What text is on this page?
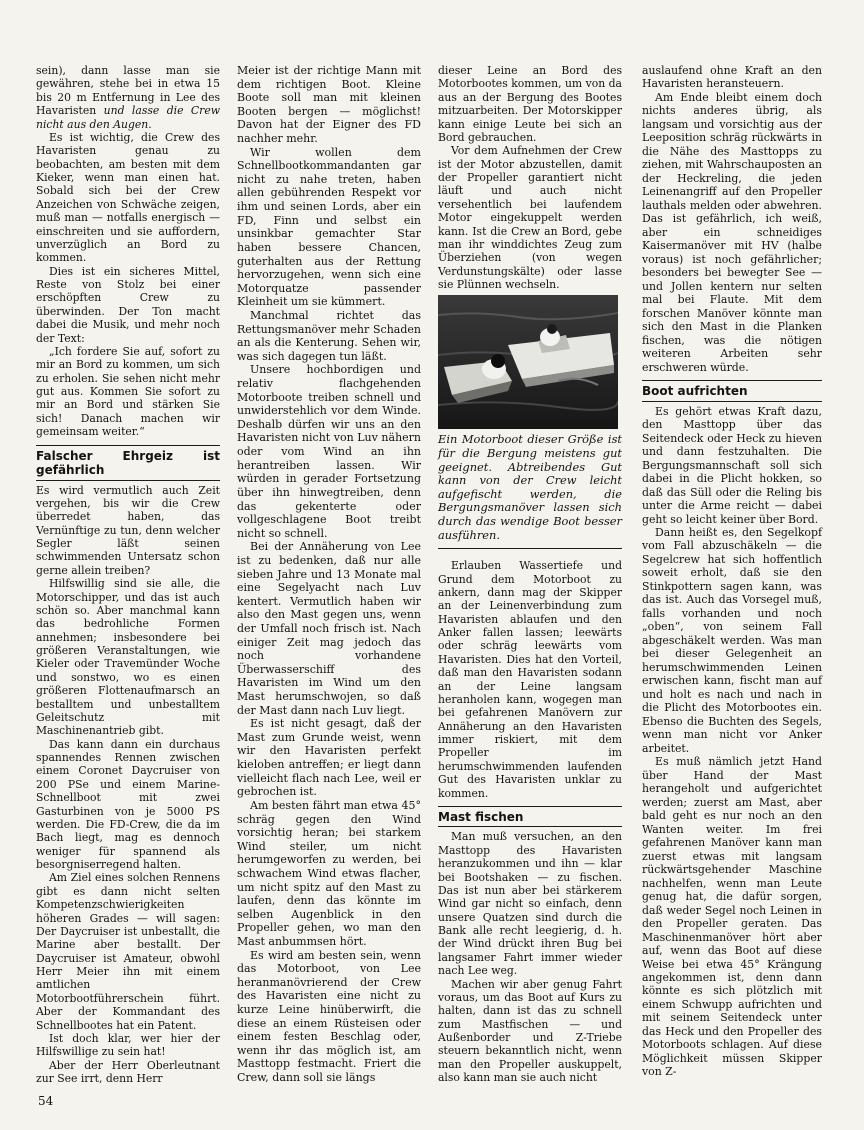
sein), dann lasse man sie gewähren, stehe bei in etwa 15 bis 20 m Entfernung in Lee des Havaristen und lasse die Crew nicht aus den Augen.

Es ist wichtig, die Crew des Havaristen genau zu beobachten, am besten mit dem Kieker, wenn man einen hat. Sobald sich bei der Crew Anzeichen von Schwäche zeigen, muß man — notfalls energisch — einschreiten und sie auffordern, unverzüglich an Bord zu kommen.

Dies ist ein sicheres Mittel, Reste von Stolz bei einer erschöpften Crew zu überwinden. Der Ton macht dabei die Musik, und mehr noch der Text:

„Ich fordere Sie auf, sofort zu mir an Bord zu kommen, um sich zu erholen. Sie sehen nicht mehr gut aus. Kommen Sie sofort zu mir an Bord und stärken Sie sich! Danach machen wir gemeinsam weiter.“

Falscher Ehrgeiz ist gefährlich

Es wird vermutlich auch Zeit vergehen, bis wir die Crew überredet haben, das Vernünftige zu tun, denn welcher Segler läßt seinen schwimmenden Untersatz schon gerne allein treiben?

Hilfswillig sind sie alle, die Motorschipper, und das ist auch schön so. Aber manchmal kann das bedrohliche Formen annehmen; insbesondere bei größeren Veranstaltungen, wie Kieler oder Travemünder Woche und sonstwo, wo es einen größeren Flottenaufmarsch an bestalltem und unbestalltem Geleitschutz mit Maschinenantrieb gibt.

Das kann dann ein durchaus spannendes Rennen zwischen einem Coronet Daycruiser von 200 PSe und einem Marine-Schnellboot mit zwei Gasturbinen von je 5000 PS werden. Die FD-Crew, die da im Bach liegt, mag es dennoch weniger für spannend als besorgniserregend halten.

Am Ziel eines solchen Rennens gibt es dann nicht selten Kompetenzschwierigkeiten höheren Grades — will sagen: Der Daycruiser ist unbestallt, die Marine aber bestallt. Der Daycruiser ist Amateur, obwohl Herr Meier ihn mit einem amtlichen Motorbootführerschein führt. Aber der Kommandant des Schnellbootes hat ein Patent.

Ist doch klar, wer hier der Hilfswillige zu sein hat!

Aber der Herr Oberleutnant zur See irrt, denn Herr

Meier ist der richtige Mann mit dem richtigen Boot. Kleine Boote soll man mit kleinen Booten bergen — möglichst! Davon hat der Eigner des FD nachher mehr.

Wir wollen dem Schnellbootkommandanten gar nicht zu nahe treten, haben allen gebührenden Respekt vor ihm und seinen Lords, aber ein FD, Finn und selbst ein unsinkbar gemachter Star haben bessere Chancen, guterhalten aus der Rettung hervorzugehen, wenn sich eine Motorquatze passender Kleinheit um sie kümmert.

Manchmal richtet das Rettungsmanöver mehr Schaden an als die Kenterung. Sehen wir, was sich dagegen tun läßt.

Unsere hochbordigen und relativ flachgehenden Motorboote treiben schnell und unwiderstehlich vor dem Winde. Deshalb dürfen wir uns an den Havaristen nicht von Luv nähern oder vom Wind an ihn herantreiben lassen. Wir würden in gerader Fortsetzung über ihn hinwegtreiben, denn das gekenterte oder vollgeschlagene Boot treibt nicht so schnell.

Bei der Annäherung von Lee ist zu bedenken, daß nur alle sieben Jahre und 13 Monate mal eine Segelyacht nach Luv kentert. Vermutlich haben wir also den Mast gegen uns, wenn der Umfall noch frisch ist. Nach einiger Zeit mag jedoch das noch vorhandene Überwasserschiff des Havaristen im Wind um den Mast herumschwojen, so daß der Mast dann nach Luv liegt.

Es ist nicht gesagt, daß der Mast zum Grunde weist, wenn wir den Havaristen perfekt kieloben antreffen; er liegt dann vielleicht flach nach Lee, weil er gebrochen ist.

Am besten fährt man etwa 45° schräg gegen den Wind vorsichtig heran; bei starkem Wind steiler, um nicht herumgeworfen zu werden, bei schwachem Wind etwas flacher, um nicht spitz auf den Mast zu laufen, denn das könnte im selben Augenblick in den Propeller gehen, wo man den Mast anbummsen hört.

Es wird am besten sein, wenn das Motorboot, von Lee heranmanövrierend der Crew des Havaristen eine nicht zu kurze Leine hinüberwirft, die diese an einem Rüsteisen oder einem festen Beschlag oder, wenn ihr das möglich ist, am Masttopp festmacht. Friert die Crew, dann soll sie längs

dieser Leine an Bord des Motorbootes kommen, um von da aus an der Bergung des Bootes mitzuarbeiten. Der Motorskipper kann einige Leute bei sich an Bord gebrauchen.

Vor dem Aufnehmen der Crew ist der Motor abzustellen, damit der Propeller garantiert nicht läuft und auch nicht versehentlich bei laufendem Motor eingekuppelt werden kann. Ist die Crew an Bord, gebe man ihr winddichtes Zeug zum Überziehen (von wegen Verdunstungskälte) oder lasse sie Plünnen wechseln.

Ein Motorboot dieser Größe ist für die Bergung meistens gut geeignet. Abtreibendes Gut kann von der Crew leicht aufgefischt werden, die Bergungsmanöver lassen sich durch das wendige Boot besser ausführen.

Erlauben Wassertiefe und Grund dem Motorboot zu ankern, dann mag der Skipper an der Leinenverbindung zum Havaristen ablaufen und den Anker fallen lassen; leewärts oder schräg leewärts vom Havaristen. Dies hat den Vorteil, daß man den Havaristen sodann an der Leine langsam heranholen kann, wogegen man bei gefahrenen Manövern zur Annäherung an den Havaristen immer riskiert, mit dem Propeller im herumschwimmenden laufenden Gut des Havaristen unklar zu kommen.

Mast fischen

Man muß versuchen, an den Masttopp des Havaristen heranzukommen und ihn — klar bei Bootshaken — zu fischen. Das ist nun aber bei stärkerem Wind gar nicht so einfach, denn unsere Quatzen sind durch die Bank alle recht leegierig, d. h. der Wind drückt ihren Bug bei langsamer Fahrt immer wieder nach Lee weg.

Machen wir aber genug Fahrt voraus, um das Boot auf Kurs zu halten, dann ist das zu schnell zum Mastfischen — und Außenborder und Z-Triebe steuern bekanntlich nicht, wenn man den Propeller auskuppelt, also kann man sie auch nicht

auslaufend ohne Kraft an den Havaristen heransteuern.

Am Ende bleibt einem doch nichts anderes übrig, als langsam und vorsichtig aus der Leeposition schräg rückwärts in die Nähe des Masttopps zu ziehen, mit Wahrschauposten an der Heckreling, die jeden Leinenangriff auf den Propeller lauthals melden oder abwehren. Das ist gefährlich, ich weiß, aber ein schneidiges Kaisermanöver mit HV (halbe voraus) ist noch gefährlicher; besonders bei bewegter See — und Jollen kentern nur selten mal bei Flaute. Mit dem forschen Manöver könnte man sich den Mast in die Planken fischen, was die nötigen weiteren Arbeiten sehr erschweren würde.

Boot aufrichten

Es gehört etwas Kraft dazu, den Masttopp über das Seitendeck oder Heck zu hieven und dann festzuhalten. Die Bergungsmannschaft soll sich dabei in die Plicht hokken, so daß das Süll oder die Reling bis unter die Arme reicht — dabei geht so leicht keiner über Bord.

Dann heißt es, den Segelkopf vom Fall abzuschäkeln — die Segelcrew hat sich hoffentlich soweit erholt, daß sie den Stinkpottern sagen kann, was das ist. Auch das Vorsegel muß, falls vorhanden und noch „oben“, von seinem Fall abgeschäkelt werden. Was man bei dieser Gelegenheit an herumschwimmenden Leinen erwischen kann, fischt man auf und holt es nach und nach in die Plicht des Motorbootes ein. Ebenso die Buchten des Segels, wenn man nicht vor Anker arbeitet.

Es muß nämlich jetzt Hand über Hand der Mast herangeholt und aufgerichtet werden; zuerst am Mast, aber bald geht es nur noch an den Wanten weiter. Im frei gefahrenen Manöver kann man zuerst etwas mit langsam rückwärtsgehender Maschine nachhelfen, wenn man Leute genug hat, die dafür sorgen, daß weder Segel noch Leinen in den Propeller geraten. Das Maschinenmanöver hört aber auf, wenn das Boot auf diese Weise bei etwa 45° Krängung angekommen ist, denn dann könnte es sich plötzlich mit einem Schwupp aufrichten und mit seinem Seitendeck unter das Heck und den Propeller des Motorboots schlagen. Auf diese Möglichkeit müssen Skipper von Z-

54
